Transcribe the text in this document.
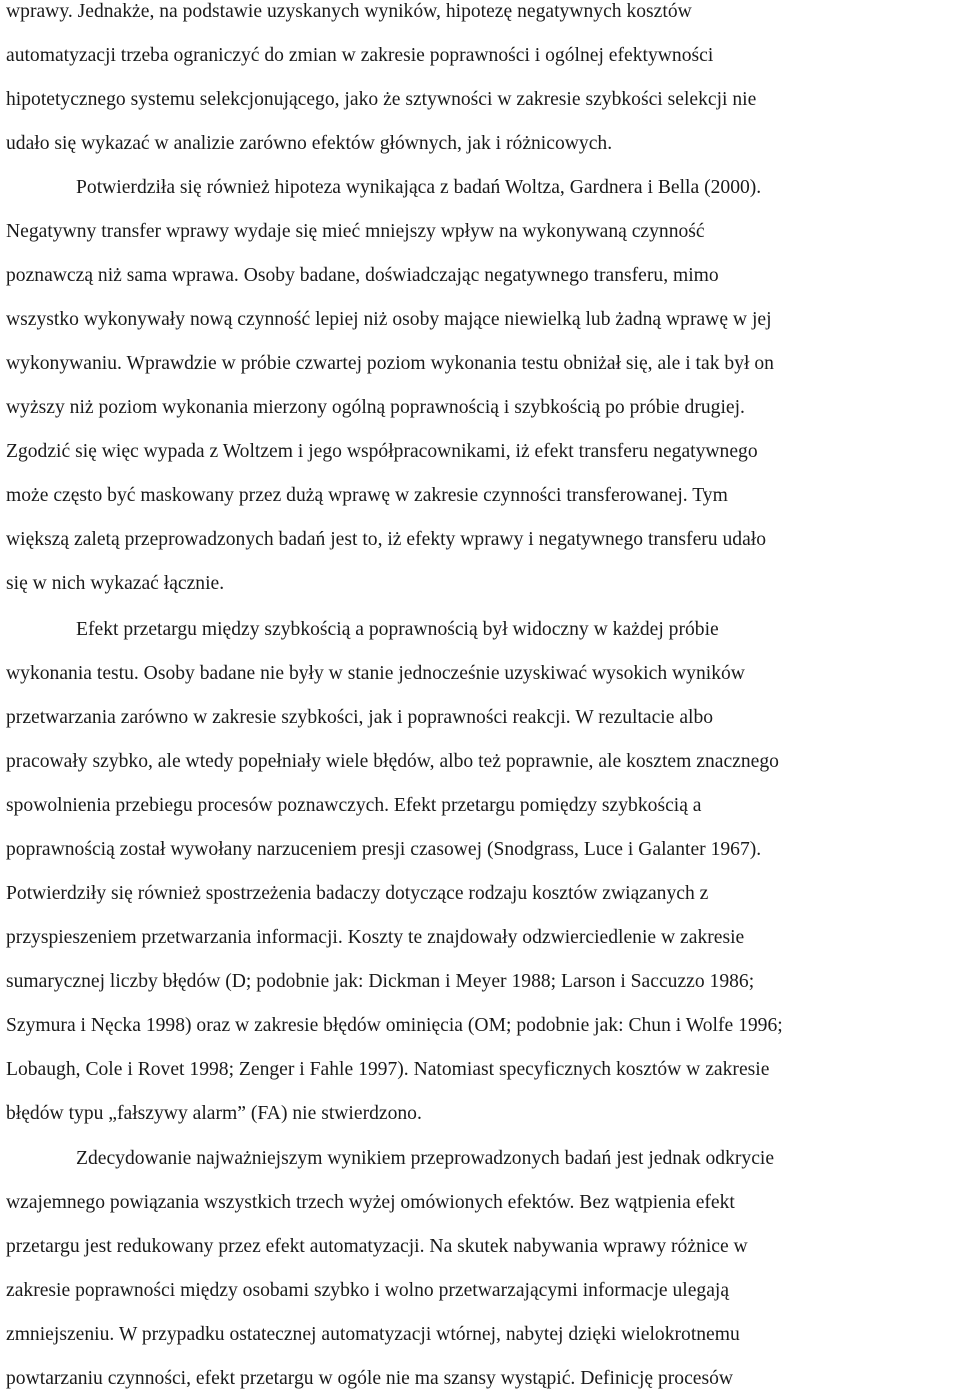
wprawy. Jednakże, na podstawie uzyskanych wyników, hipotezę negatywnych kosztów
automatyzacji trzeba ograniczyć do zmian w zakresie poprawności i ogólnej efektywności
hipotetycznego systemu selekcjonującego, jako że sztywności w zakresie szybkości selekcji nie
udało się wykazać w analizie zarówno efektów głównych, jak i różnicowych.
Potwierdziła się również hipoteza wynikająca z badań Woltza, Gardnera i Bella (2000).
Negatywny transfer wprawy wydaje się mieć mniejszy wpływ na wykonywaną czynność
poznawczą niż sama wprawa. Osoby badane, doświadczając negatywnego transferu, mimo
wszystko wykonywały nową czynność lepiej niż osoby mające niewielką lub żadną wprawę w jej
wykonywaniu. Wprawdzie w próbie czwartej poziom wykonania testu obniżał się, ale i tak był on
wyższy niż poziom wykonania mierzony ogólną poprawnością i szybkością po próbie drugiej.
Zgodzić się więc wypada z Woltzem i jego współpracownikami, iż efekt transferu negatywnego
może często być maskowany przez dużą wprawę w zakresie czynności transferowanej. Tym
większą zaletą przeprowadzonych badań jest to, iż efekty wprawy i negatywnego transferu udało
się w nich wykazać łącznie.
Efekt przetargu między szybkością a poprawnością był widoczny w każdej próbie
wykonania testu. Osoby badane nie były w stanie jednocześnie uzyskiwać wysokich wyników
przetwarzania zarówno w zakresie szybkości, jak i poprawności reakcji. W rezultacie albo
pracowały szybko, ale wtedy popełniały wiele błędów, albo też poprawnie, ale kosztem znacznego
spowolnienia przebiegu procesów poznawczych. Efekt przetargu pomiędzy szybkością a
poprawnością został wywołany narzuceniem presji czasowej (Snodgrass, Luce i Galanter 1967).
Potwierdziły się również spostrzeżenia badaczy dotyczące rodzaju kosztów związanych z
przyspieszeniem przetwarzania informacji. Koszty te znajdowały odzwierciedlenie w zakresie
sumarycznej liczby błędów (D; podobnie jak: Dickman i Meyer 1988; Larson i Saccuzzo 1986;
Szymura i Nęcka 1998) oraz w zakresie błędów ominięcia (OM; podobnie jak: Chun i Wolfe 1996;
Lobaugh, Cole i Rovet 1998; Zenger i Fahle 1997). Natomiast specyficznych kosztów w zakresie
błędów typu „fałszywy alarm” (FA) nie stwierdzono.
Zdecydowanie najważniejszym wynikiem przeprowadzonych badań jest jednak odkrycie
wzajemnego powiązania wszystkich trzech wyżej omówionych efektów. Bez wątpienia efekt
przetargu jest redukowany przez efekt automatyzacji. Na skutek nabywania wprawy różnice w
zakresie poprawności między osobami szybko i wolno przetwarzającymi informacje ulegają
zmniejszeniu. W przypadku ostatecznej automatyzacji wtórnej, nabytej dzięki wielokrotnemu
powtarzaniu czynności, efekt przetargu w ogóle nie ma szansy wystąpić. Definicję procesów
